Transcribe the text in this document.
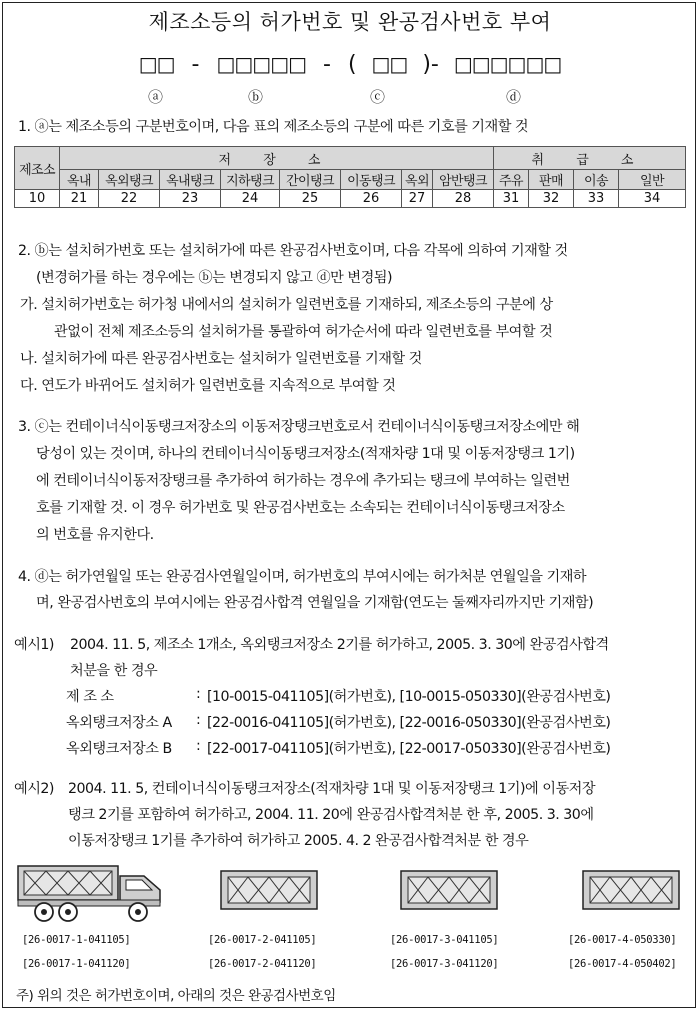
제조소등의 허가번호 및 완공검사번호 부여
□□ - □□□□□ - ( □□ )- □□□□□□
ⓐ	ⓑ	ⓒ	ⓓ
1. ⓐ는 제조소등의 구분번호이며, 다음 표의 제조소등의 구분에 따른 기호를 기재할 것
제조소	저 장 소								취 급 소			
	옥내	옥외탱크	옥내탱크	지하탱크	간이탱크	이동탱크	옥외	암반탱크	주유	판매	이송	일반
10	21	22	23	24	25	26	27	28	31	32	33	34
2. ⓑ는 설치허가번호 또는 설치허가에 따른 완공검사번호이며, 다음 각목에 의하여 기재할 것
(변경허가를 하는 경우에는 ⓑ는 변경되지 않고 ⓓ만 변경됨)
가. 설치허가번호는 허가청 내에서의 설치허가 일련번호를 기재하되, 제조소등의 구분에 상
관없이 전체 제조소등의 설치허가를 통괄하여 허가순서에 따라 일련번호를 부여할 것
나. 설치허가에 따른 완공검사번호는 설치허가 일련번호를 기재할 것
다. 연도가 바뀌어도 설치허가 일련번호를 지속적으로 부여할 것
3. ⓒ는 컨테이너식이동탱크저장소의 이동저장탱크번호로서 컨테이너식이동탱크저장소에만 해
당성이 있는 것이며, 하나의 컨테이너식이동탱크저장소(적재차량 1대 및 이동저장탱크 1기)
에 컨테이너식이동저장탱크를 추가하여 허가하는 경우에 추가되는 탱크에 부여하는 일련번
호를 기재할 것. 이 경우 허가번호 및 완공검사번호는 소속되는 컨테이너식이동탱크저장소
의 번호를 유지한다.
4. ⓓ는 허가연월일 또는 완공검사연월일이며, 허가번호의 부여시에는 허가처분 연월일을 기재하
며, 완공검사번호의 부여시에는 완공검사합격 연월일을 기재함(연도는 둘째자리까지만 기재함)
예시1) 2004. 11. 5, 제조소 1개소, 옥외탱크저장소 2기를 허가하고, 2005. 3. 30에 완공검사합격
처분을 한 경우
제 조 소	: [10-0015-041105](허가번호), [10-0015-050330](완공검사번호)
옥외탱크저장소 A : [22-0016-041105](허가번호), [22-0016-050330](완공검사번호)
옥외탱크저장소 B : [22-0017-041105](허가번호), [22-0017-050330](완공검사번호)
예시2) 2004. 11. 5, 컨테이너식이동탱크저장소(적재차량 1대 및 이동저장탱크 1기)에 이동저장
탱크 2기를 포함하여 허가하고, 2004. 11. 20에 완공검사합격처분 한 후, 2005. 3. 30에
이동저장탱크 1기를 추가하여 허가하고 2005. 4. 2 완공검사합격처분 한 경우
[26-0017-1-041105]
[26-0017-1-041120]
[26-0017-2-041105]
[26-0017-2-041120]
[26-0017-3-041105]
[26-0017-3-041120]
[26-0017-4-050330]
[26-0017-4-050402]
주) 위의 것은 허가번호이며, 아래의 것은 완공검사번호임
